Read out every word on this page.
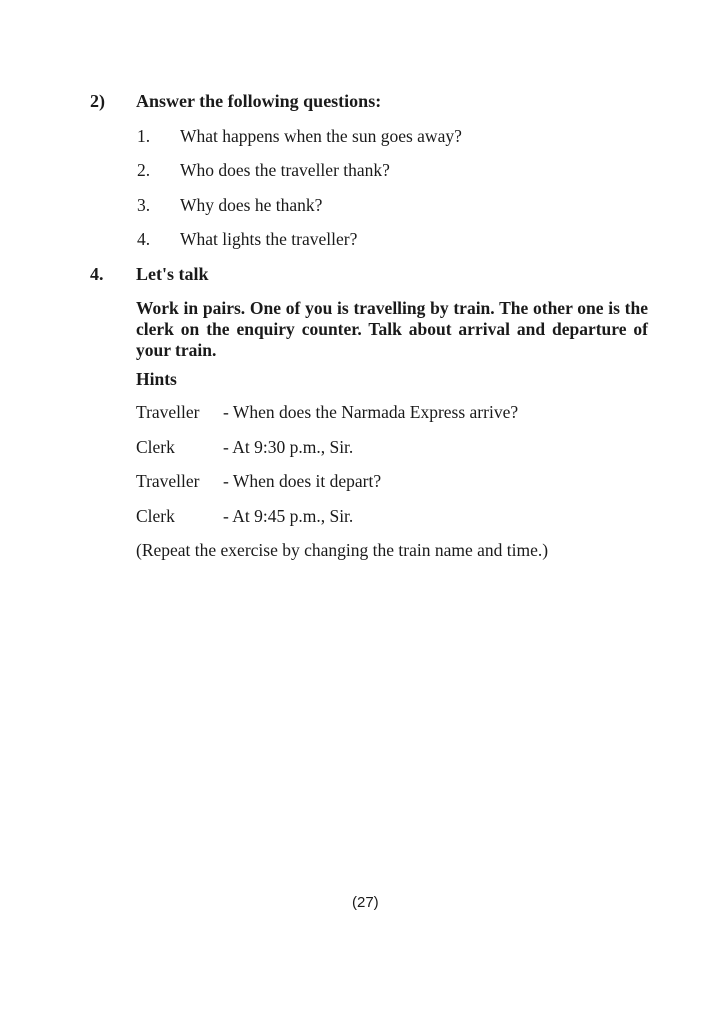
2) Answer the following questions:
1. What happens when the sun goes away?
2. Who does the traveller thank?
3. Why does he thank?
4. What lights the traveller?
4. Let's talk
Work in pairs. One of you is travelling by train. The other one is the clerk on the enquiry counter. Talk about arrival and departure of your train.
Hints
Traveller - When does the Narmada Express arrive?
Clerk	- At 9:30 p.m., Sir.
Traveller - When does it depart?
Clerk	- At 9:45 p.m., Sir.
(Repeat the exercise by changing the train name and time.)
(27)
